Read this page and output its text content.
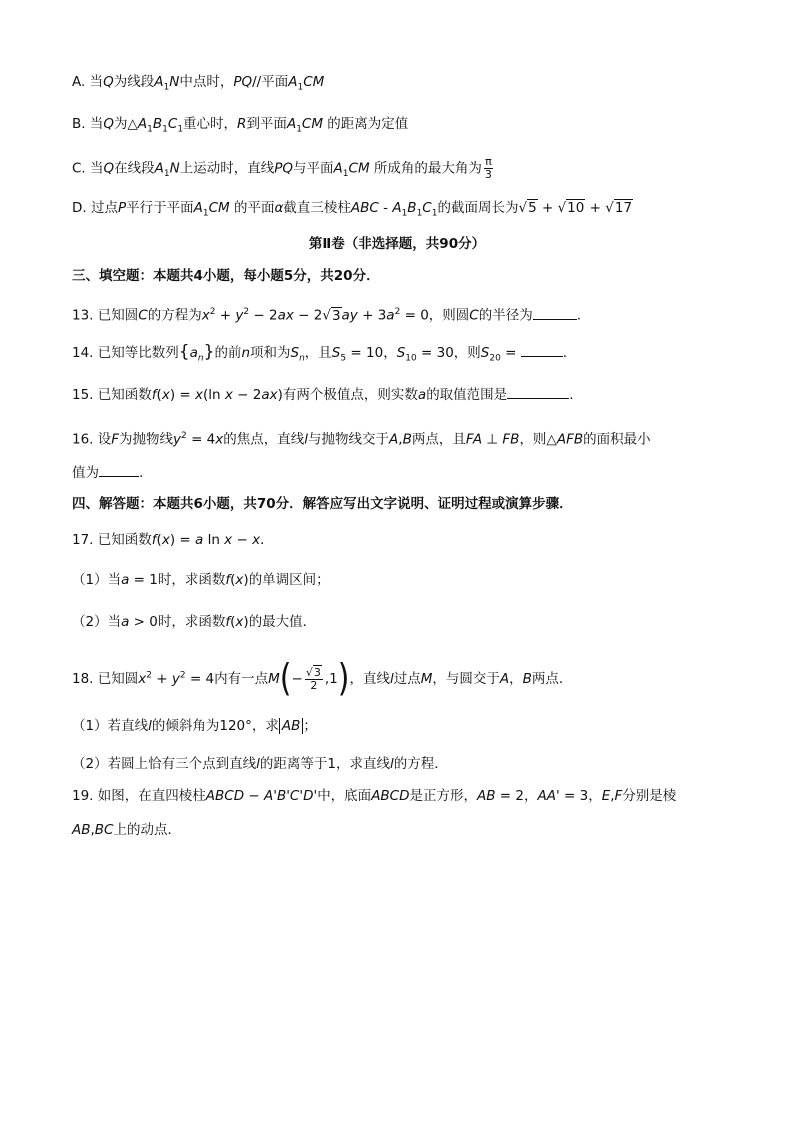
A. 当Q为线段$A_1N$中点时，PQ//平面$A_1CM$
B. 当Q为$\triangle A_1B_1C_1$重心时，R到平面$A_1CM$ 的距离为定值
C. 当Q在线段$A_1N$上运动时，直线PQ与平面$A_1CM$ 所成角的最大角为 $\frac{\pi}{3}$
D. 过点P平行于平面$A_1CM$ 的平面α截直三棱柱ABC - $A_1B_1C_1$的截面周长为√5 + √10 + √17
第Ⅱ卷（非选择题，共90分）
三、填空题：本题共4小题，每小题5分，共20分．
13. 已知圆C的方程为$x^2 + y^2 - 2ax - 2√3ay + 3a^2 = 0$，则圆C的半径为	.
14. 已知等比数列$\{a_n\}$的前n项和为$S_n$，且$S_5 = 10$，$S_{10} = 30$，则$S_{20}$ =	.
15. 已知函数f(x) = x(ln x − 2ax)有两个极值点，则实数a的取值范围是	.
16. 设F为抛物线$y^2 = 4x$的焦点，直线l与抛物线交于A,B两点，且FA ⊥ FB，则△AFB的面积最小
值为	.
四、解答题：本题共6小题，共70分．解答应写出文字说明、证明过程或演算步骤．
17. 已知函数f(x) = a ln x − x．
（1）当a = 1时，求函数f(x)的单调区间；
（2）当a > 0时，求函数f(x)的最大值．
18. 已知圆$x^2 + y^2 = 4$内有一点$M(- \frac{√3}{2} ,1)$，直线l过点M，与圆交于A，B两点．
（1）若直线l的倾斜角为120°，求 AB ；
（2）若圆上恰有三个点到直线l的距离等于1，求直线l的方程．
19. 如图，在直四棱柱ABCD − A'B'C'D'中，底面ABCD是正方形，AB = 2，AA' = 3，E,F分别是棱
AB,BC上的动点．
